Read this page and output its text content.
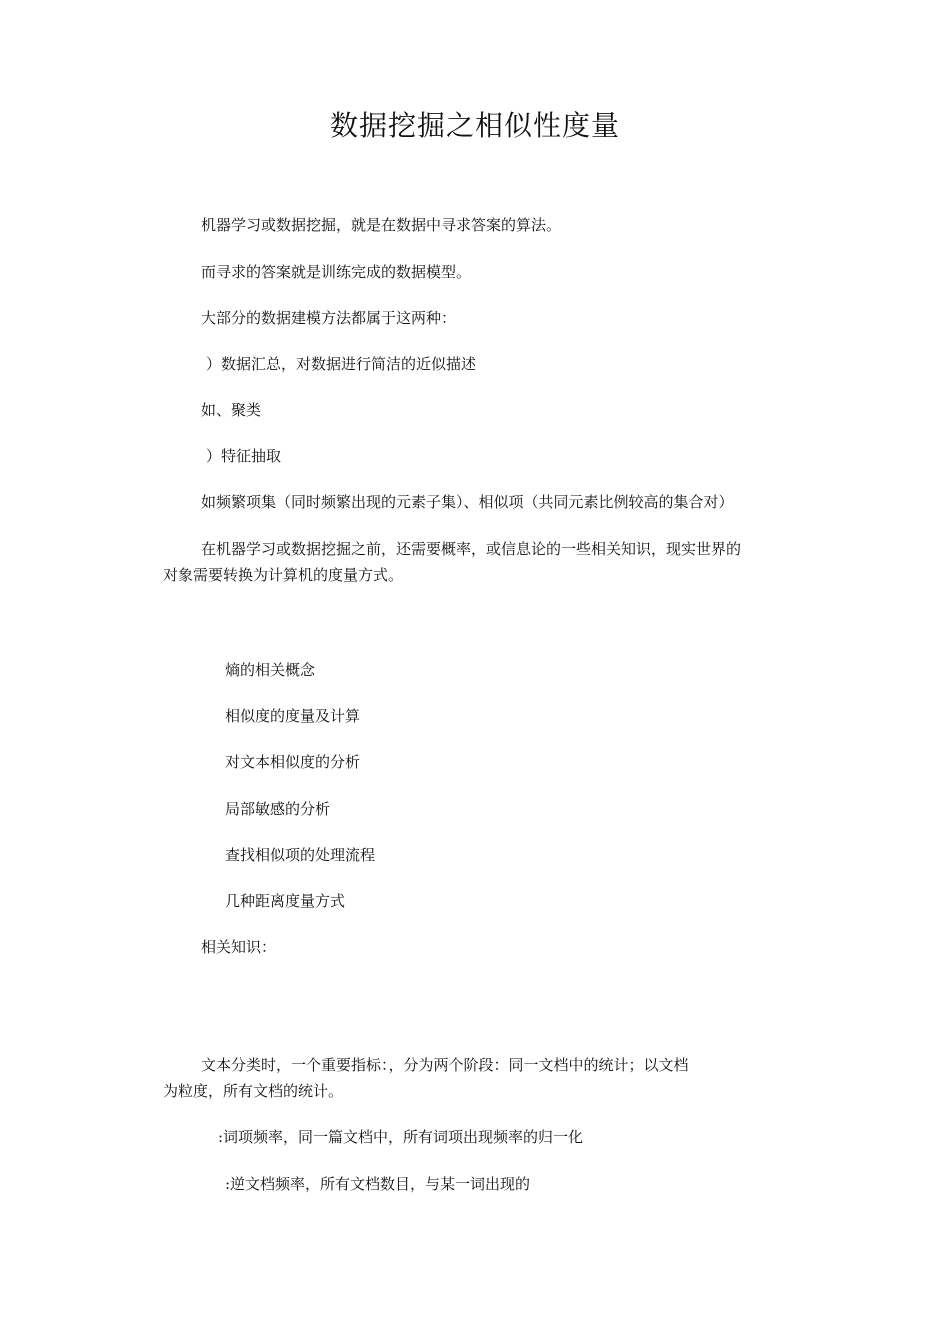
数据挖掘之相似性度量
机器学习或数据挖掘，就是在数据中寻求答案的算法。
而寻求的答案就是训练完成的数据模型。
大部分的数据建模方法都属于这两种：
）数据汇总，对数据进行简洁的近似描述
如、聚类
）特征抽取
如频繁项集（同时频繁出现的元素子集）、相似项（共同元素比例较高的集合对）
在机器学习或数据挖掘之前，还需要概率，或信息论的一些相关知识，现实世界的
对象需要转换为计算机的度量方式。
熵的相关概念
相似度的度量及计算
对文本相似度的分析
局部敏感的分析
查找相似项的处理流程
几种距离度量方式
相关知识：
文本分类时，一个重要指标：，分为两个阶段：同一文档中的统计；以文档
为粒度，所有文档的统计。
:词项频率，同一篇文档中，所有词项出现频率的归一化
:逆文档频率，所有文档数目，与某一词出现的
